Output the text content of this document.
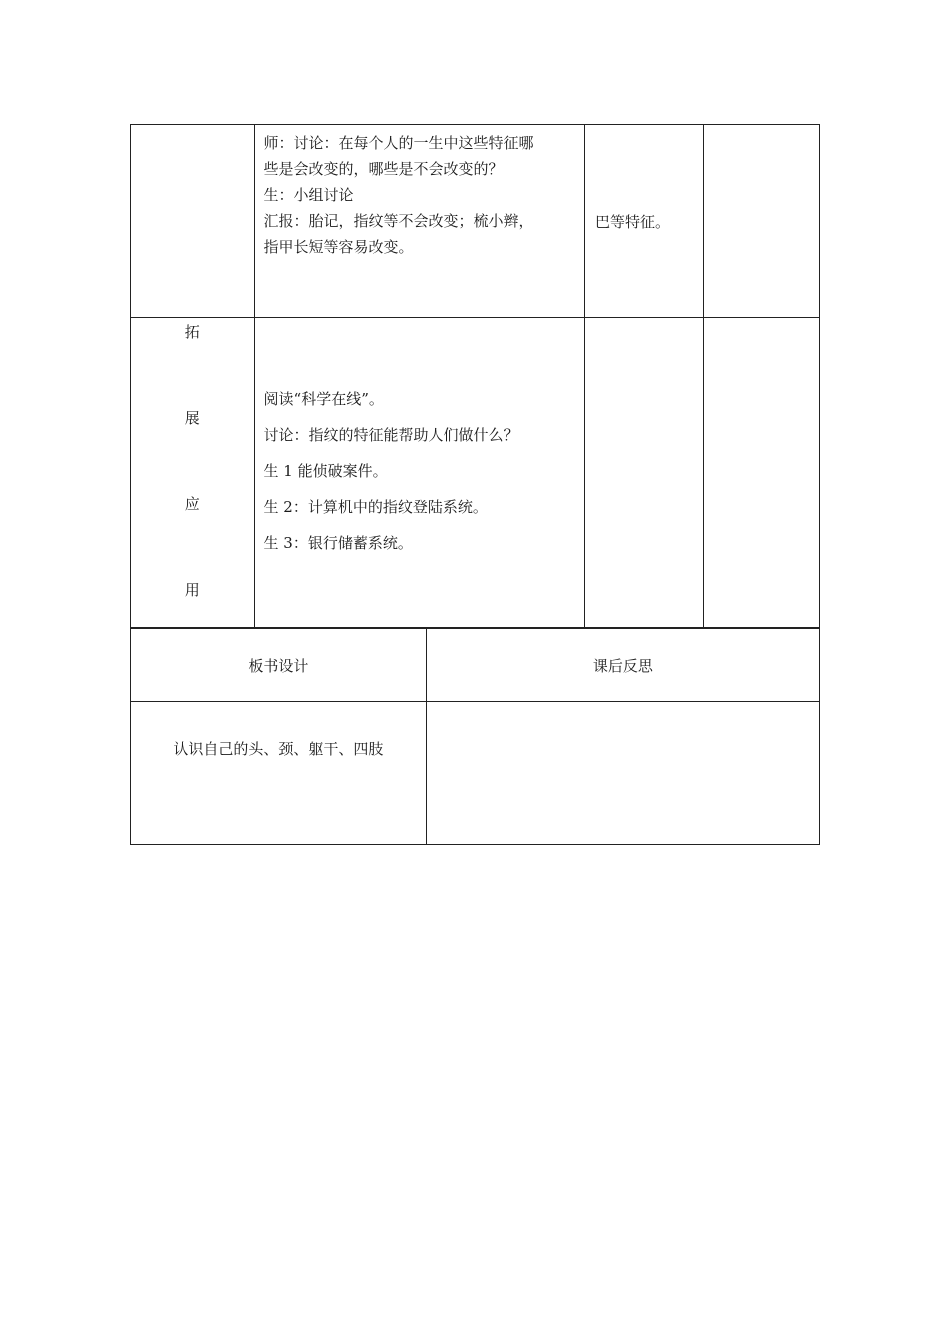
	师：讨论：在每个人的一生中这些特征哪
些是会改变的，哪些是不会改变的？
生：小组讨论
汇报：胎记，指纹等不会改变；梳小辫，
指甲长短等容易改变。	巴等特征。	

拓
展
应
用	阅读“科学在线”。
讨论：指纹的特征能帮助人们做什么？
生 1 能侦破案件。
生 2：计算机中的指纹登陆系统。
生 3：银行储蓄系统。		

板书设计	课后反思
认识自己的头、颈、躯干、四肢	
